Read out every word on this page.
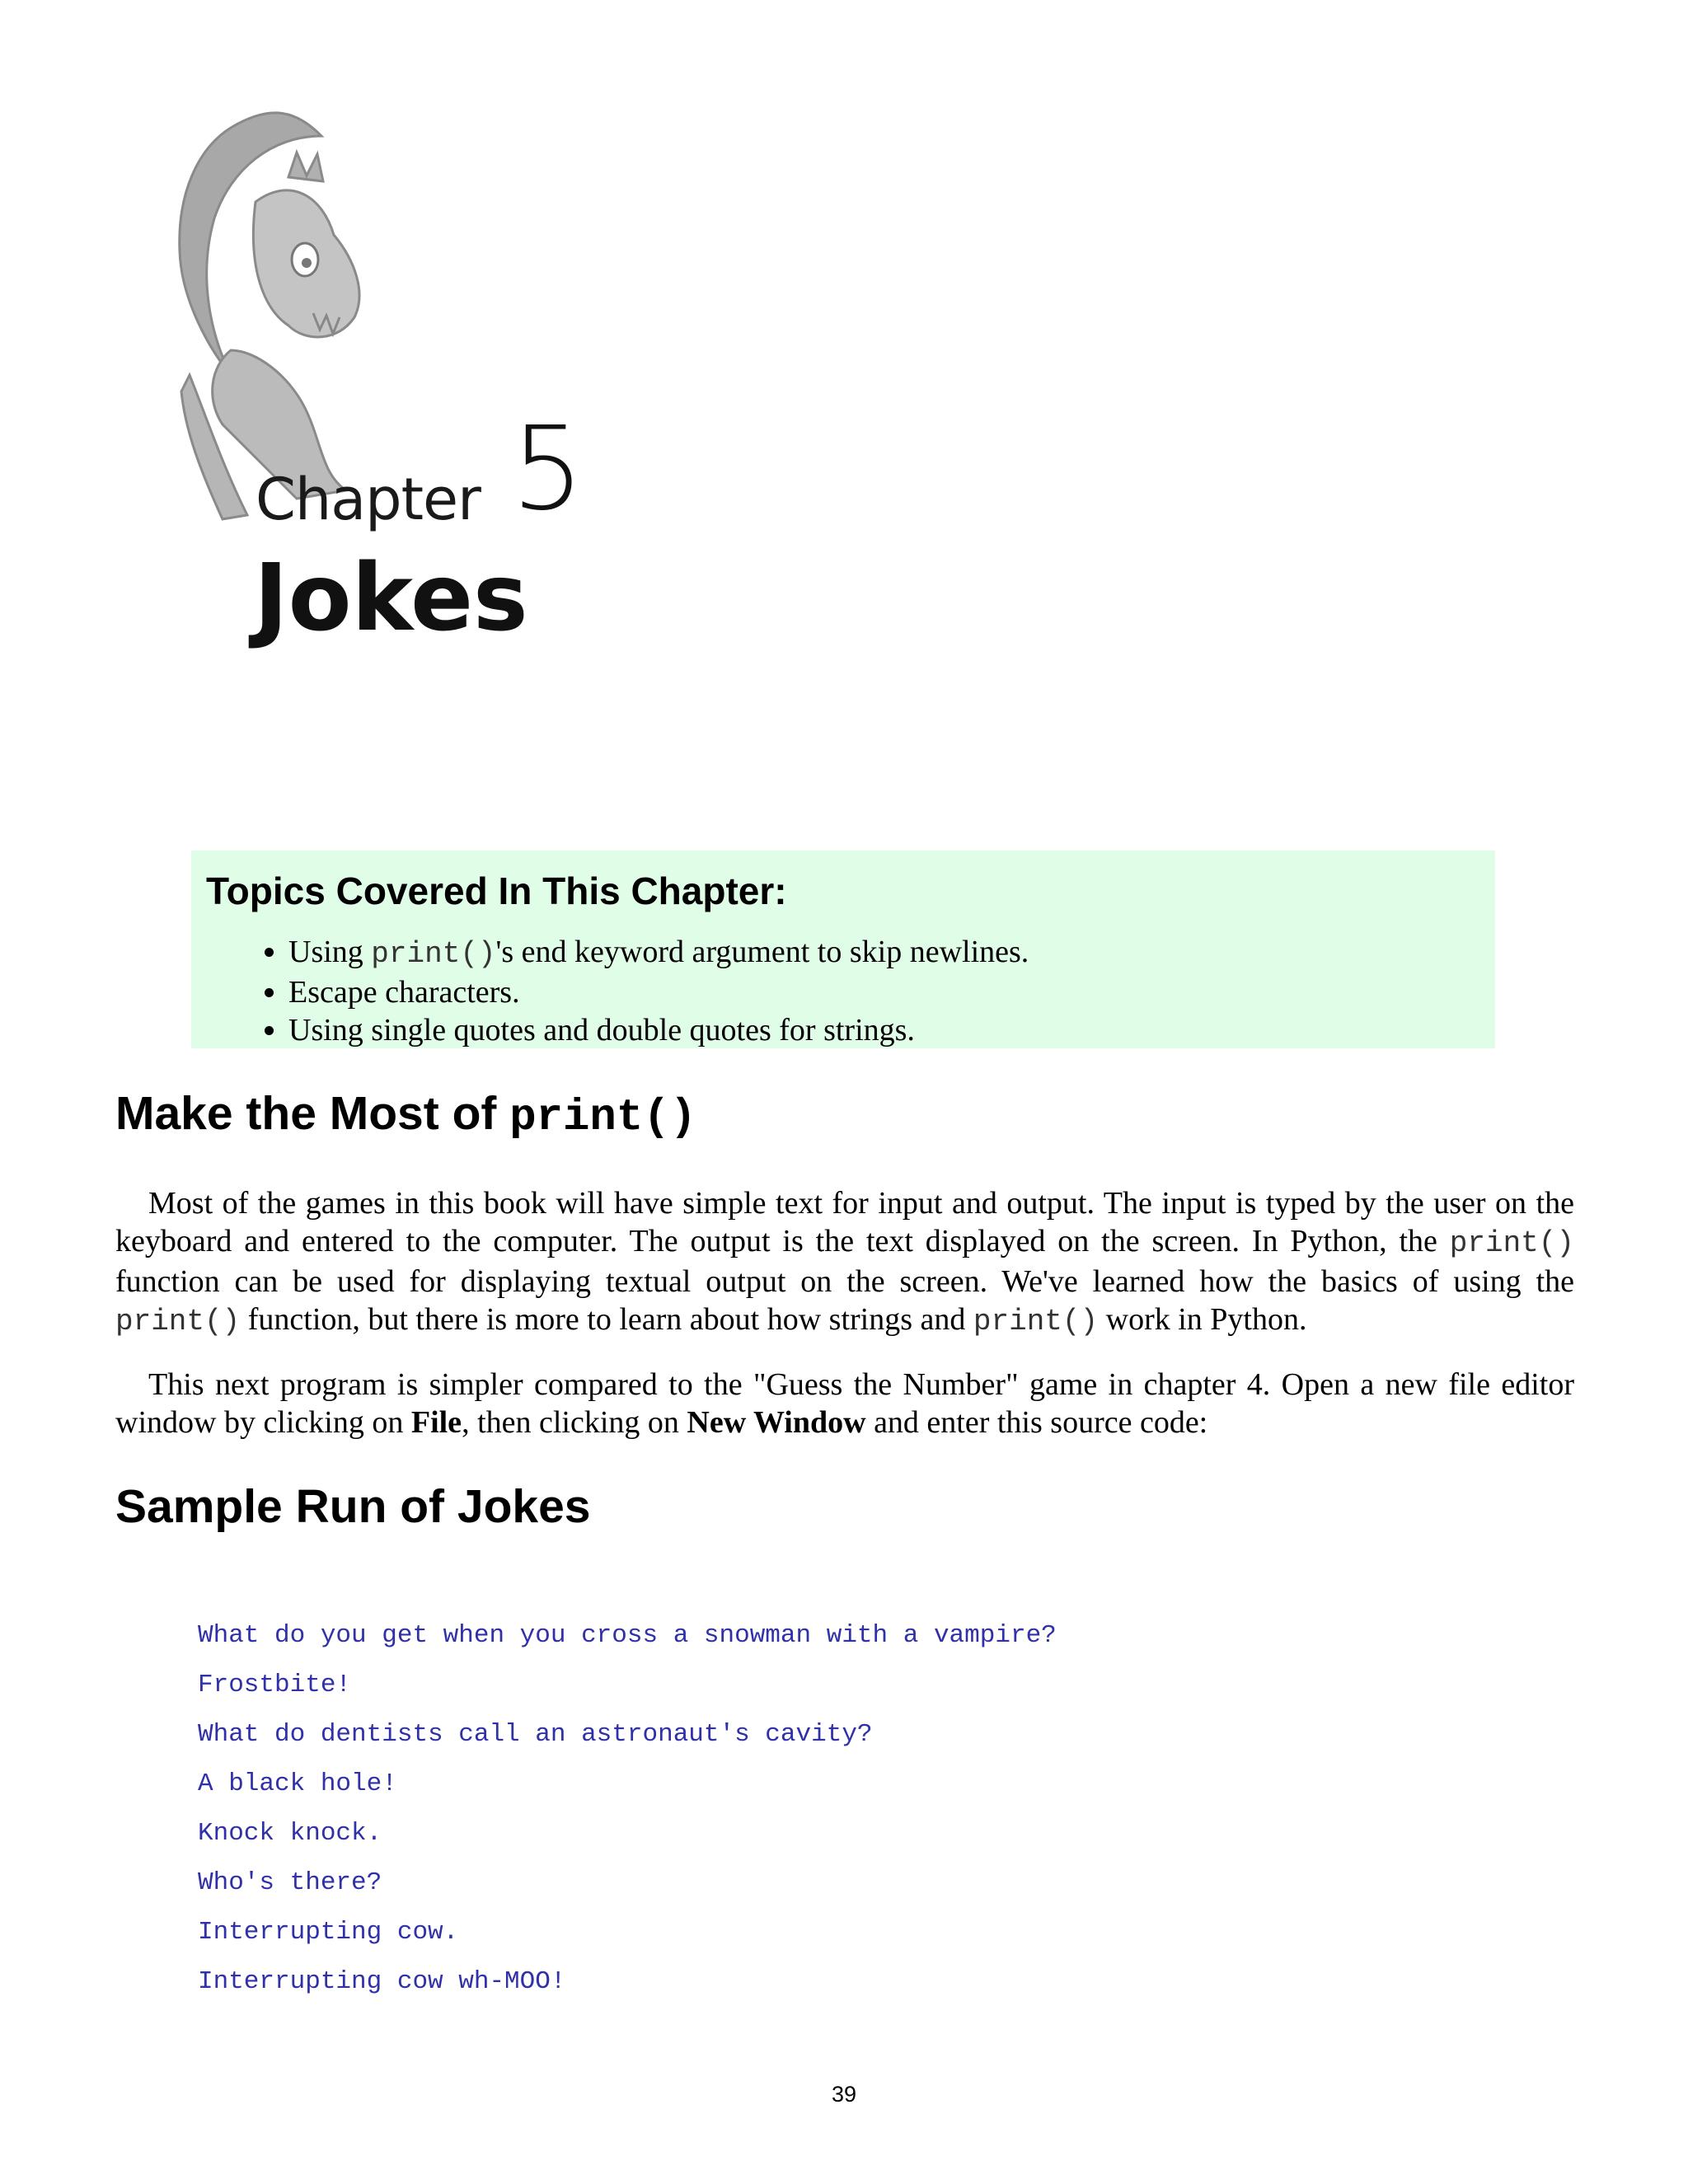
Chapter 5
Jokes
Topics Covered In This Chapter:
• Using print()'s end keyword argument to skip newlines.
• Escape characters.
• Using single quotes and double quotes for strings.
Make the Most of print()

Most of the games in this book will have simple text for input and output. The input is typed by the user on the keyboard and entered to the computer. The output is the text displayed on the screen. In Python, the print() function can be used for displaying textual output on the screen. We've learned how the basics of using the print() function, but there is more to learn about how strings and print() work in Python.

This next program is simpler compared to the "Guess the Number" game in chapter 4. Open a new file editor window by clicking on File, then clicking on New Window and enter this source code:

Sample Run of Jokes
What do you get when you cross a snowman with a vampire?
Frostbite!
What do dentists call an astronaut's cavity?
A black hole!
Knock knock.
Who's there?
Interrupting cow.
Interrupting cow wh-MOO!
39
